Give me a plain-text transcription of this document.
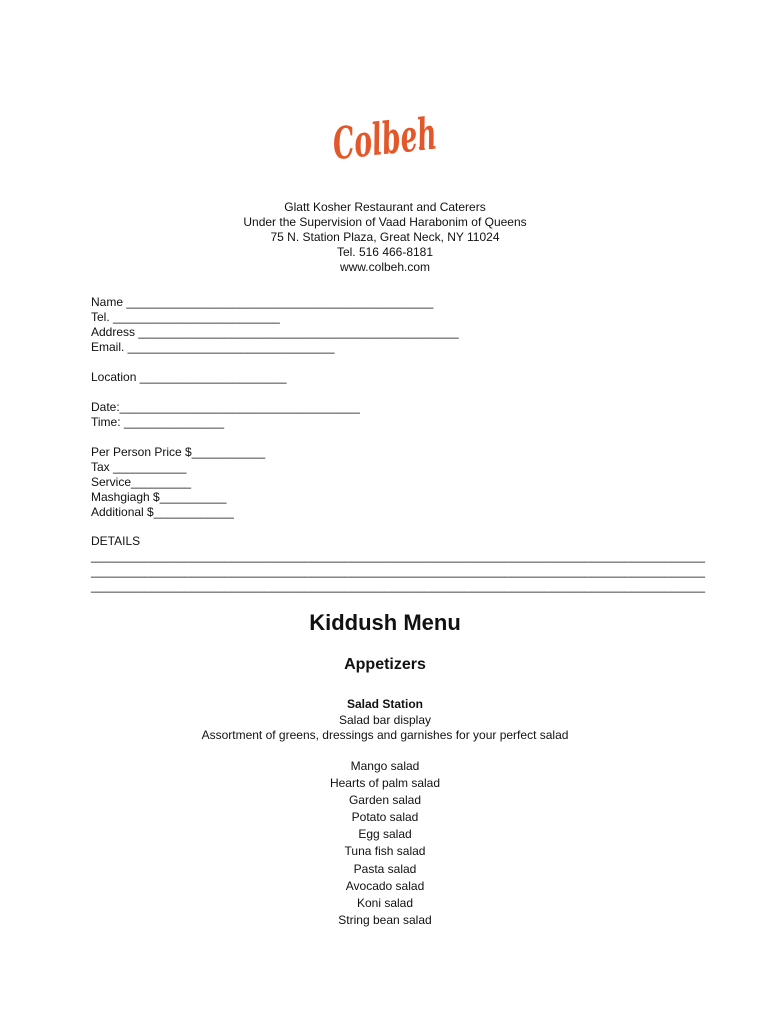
Colbeh
Glatt Kosher Restaurant and Caterers
Under the Supervision of Vaad Harabonim of Queens
75 N. Station Plaza, Great Neck, NY 11024
Tel. 516 466-8181
www.colbeh.com
Name ______________________________________________
Tel. _________________________
Address ________________________________________________
Email. _______________________________
Location ______________________
Date:____________________________________
Time: _______________
Per Person Price $___________
Tax ___________
Service_________
Mashgiagh $__________
Additional $____________
DETAILS
____________________________________________________________________________________________
____________________________________________________________________________________________
____________________________________________________________________________________________
Kiddush Menu
Appetizers
Salad Station
Salad bar display
Assortment of greens, dressings and garnishes for your perfect salad
Mango salad
Hearts of palm salad
Garden salad
Potato salad
Egg salad
Tuna fish salad
Pasta salad
Avocado salad
Koni salad
String bean salad
